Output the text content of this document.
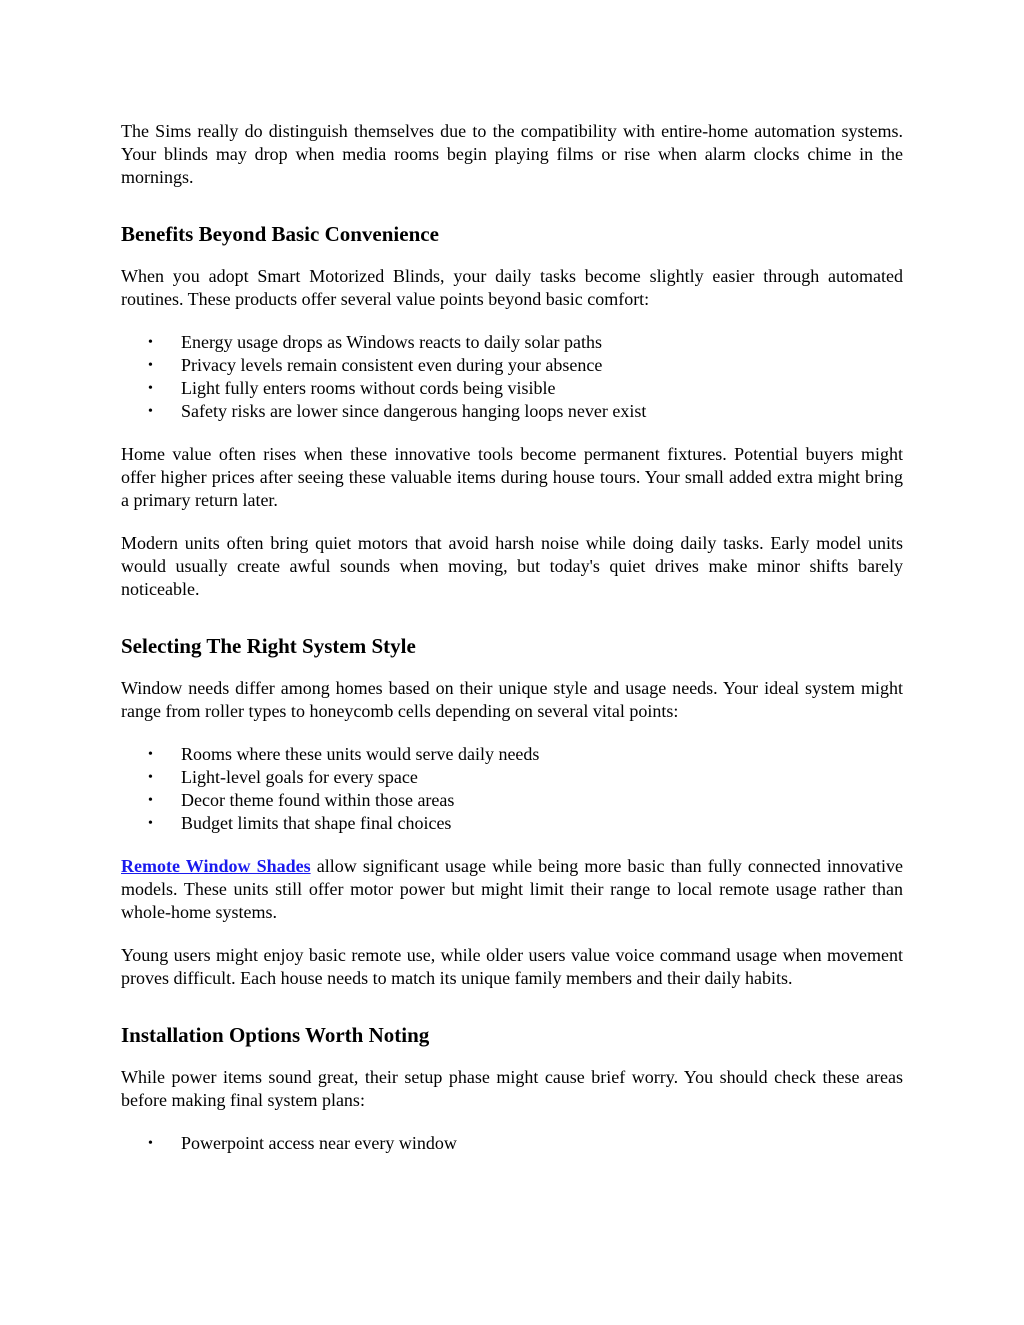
The Sims really do distinguish themselves due to the compatibility with entire-home automation systems. Your blinds may drop when media rooms begin playing films or rise when alarm clocks chime in the mornings.

Benefits Beyond Basic Convenience

When you adopt Smart Motorized Blinds, your daily tasks become slightly easier through automated routines. These products offer several value points beyond basic comfort:

• Energy usage drops as Windows reacts to daily solar paths
• Privacy levels remain consistent even during your absence
• Light fully enters rooms without cords being visible
• Safety risks are lower since dangerous hanging loops never exist

Home value often rises when these innovative tools become permanent fixtures. Potential buyers might offer higher prices after seeing these valuable items during house tours. Your small added extra might bring a primary return later.

Modern units often bring quiet motors that avoid harsh noise while doing daily tasks. Early model units would usually create awful sounds when moving, but today's quiet drives make minor shifts barely noticeable.

Selecting The Right System Style

Window needs differ among homes based on their unique style and usage needs. Your ideal system might range from roller types to honeycomb cells depending on several vital points:

• Rooms where these units would serve daily needs
• Light-level goals for every space
• Decor theme found within those areas
• Budget limits that shape final choices

Remote Window Shades allow significant usage while being more basic than fully connected innovative models. These units still offer motor power but might limit their range to local remote usage rather than whole-home systems.

Young users might enjoy basic remote use, while older users value voice command usage when movement proves difficult. Each house needs to match its unique family members and their daily habits.

Installation Options Worth Noting

While power items sound great, their setup phase might cause brief worry. You should check these areas before making final system plans:

• Powerpoint access near every window
